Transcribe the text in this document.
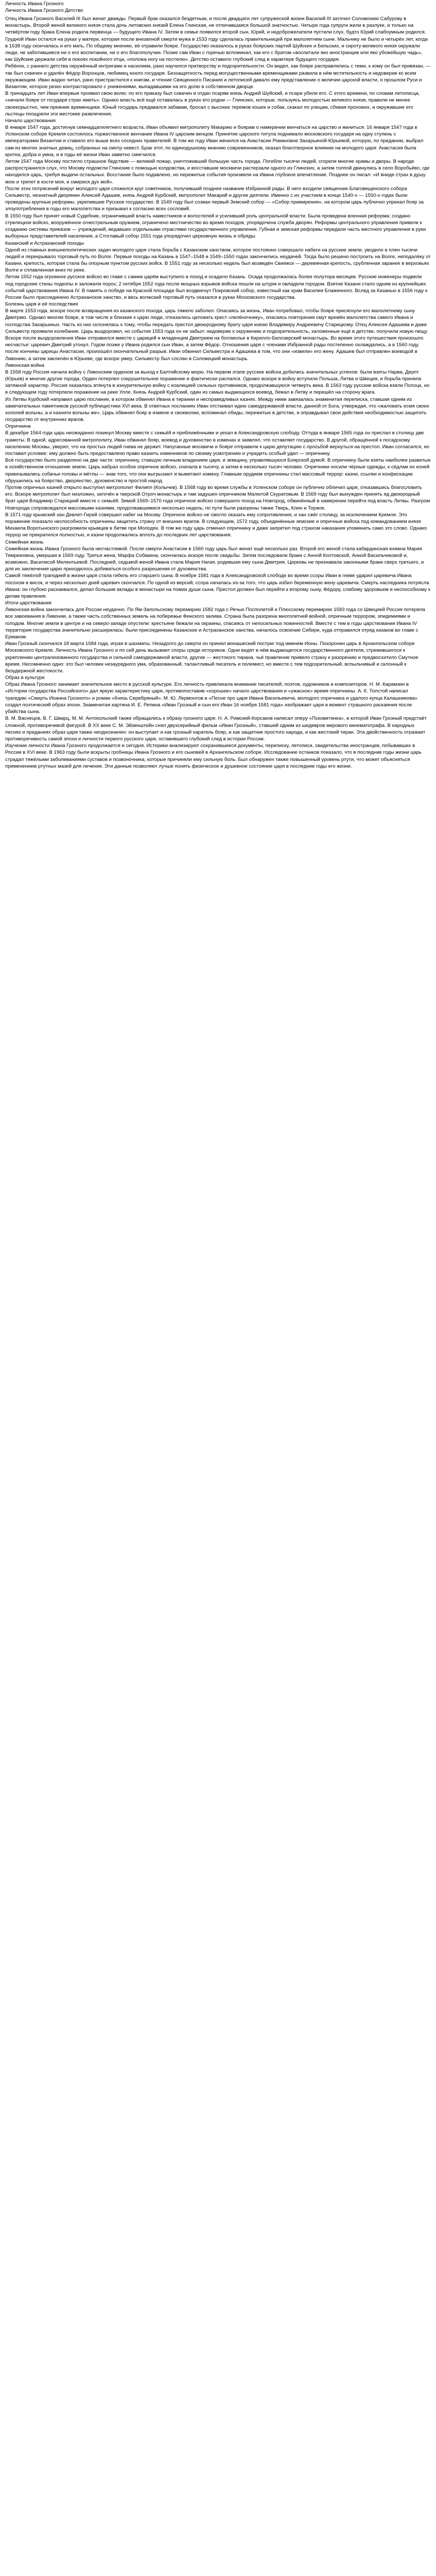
Личность Ивана Грозного
Личность Ивана Грозного Детство

Отец Ивана Грозного Василий III был женат дважды. Первый брак оказался бездетным, и после двадцати лет супружеской жизни Василий III заточил Соломонию Сабурову в монастырь. Второй женой великого князя стала дочь литовских князей Елена Глинская, не отличавшаяся большой знатностью. Четыре года супруги жили в разлуке, и только на четвёртом году брака Елена родила первенца — будущего Ивана IV. Затем в семье появился второй сын, Юрий, и недоброжелатели пустили слух, будто Юрий слабоумным родился. Грудной Иван остался на руках у матери, которая после внезапной смерти мужа в 1533 году сделалась правительницей при малолетнем сыне. Мальчику не было и четырёх лет, когда в 1538 году скончалась и его мать. По общему мнению, её отравили бояре. Государство оказалось в руках боярских партий Шуйских и Бельских, и сироту-великого князя окружали люди, не заботившиеся ни о его воспитании, ни о его благополучии. Позже сам Иван с горечью вспоминал, как его с братом «воспитали яко иностранцев или яко убожейшую чадь», как Шуйские держали себя в покоях покойного отца, «положа ногу на постелю». Детство оставило глубокий след в характере будущего государя.

Ребёнок, с раннего детства окружённый интригами и насилием, рано научился притворству и подозрительности. Он видел, как бояре расправлялись с теми, к кому он был привязан, — так был схвачен и удалён Фёдор Воронцов, любимец юного государя. Беззащитность перед могущественными временщиками развила в нём мстительность и недоверие ко всем окружающим. Иван жадно читал, рано пристрастился к книгам, и чтение Священного Писания и летописей давало ему представление о величии царской власти, о прошлом Руси и Византии, которое резко контрастировало с унижениями, выпадавшими на его долю в собственном дворце.

В тринадцать лет Иван впервые проявил свою волю: по его приказу был схвачен и отдан псарям князь Андрей Шуйский, и псари убили его. С этого времени, по словам летописца, «начали бояре от государя страх иметь». Однако власть всё ещё оставалась в руках его родни — Глинских, которые, пользуясь молодостью великого князя, правили не менее своекорыстно, чем прежние временщики. Юный государь предавался забавам, бросал с высоких теремов кошек и собак, скакал по улицам, сбивая прохожих, и окружавшие его льстецы поощряли эти жестокие развлечения.

Начало царствования

В январе 1547 года, достигнув семнадцатилетнего возраста, Иван объявил митрополиту Макарию и боярам о намерении венчаться на царство и жениться. 16 января 1547 года в Успенском соборе Кремля состоялось торжественное венчание Ивана IV царским венцом. Принятие царского титула поднимало московского государя на одну ступень с императорами Византии и ставило его выше всех соседних правителей. В том же году Иван женился на Анастасии Романовне Захарьиной-Юрьевой, которую, по преданию, выбрал сам из многих знатных девиц, собранных на смотр невест. Брак этот, по единодушному мнению современников, оказал благотворное влияние на молодого царя: Анастасия была кротка, добра и умна, и в годы её жизни Иван заметно смягчился.

Летом 1547 года Москву постигло страшное бедствие — великий пожар, уничтоживший большую часть города. Погибли тысячи людей, сгорели многие храмы и дворы. В народе распространился слух, что Москву подожгли Глинские с помощью колдовства, и восставшие москвичи растерзали одного из Глинских, а затем толпой двинулись в село Воробьёво, где находился царь, требуя выдачи остальных. Восстание было подавлено, но пережитые события произвели на Ивана глубокое впечатление. Позднее он писал: «И вниде страх в душу мою и трепет в кости моя, и смирися дух мой».

После этих потрясений вокруг молодого царя сложился круг советников, получивший позднее название Избранной рады. В него входили священник Благовещенского собора Сильвестр, незнатный дворянин Алексей Адашев, князь Андрей Курбский, митрополит Макарий и другие деятели. Именно с их участием в конце 1540-х — 1550-х годах были проведены крупные реформы, укрепившие Русское государство. В 1549 году был созван первый Земский собор — «Собор примирения», на котором царь публично упрекал бояр за злоупотребления в годы его малолетства и призывал к согласию всех сословий.

В 1550 году был принят новый Судебник, ограничивший власть наместников и волостелей и усиливший роль центральной власти. Была проведена военная реформа: создано стрелецкое войско, вооружённое огнестрельным оружием, ограничено местничество во время походов, упорядочена служба дворян. Реформы центрального управления привели к созданию системы приказов — учреждений, ведавших отдельными отраслями государственного управления. Губная и земская реформы передали часть местного управления в руки выборных представителей населения, а Стоглавый собор 1551 года упорядочил церковную жизнь и обряды.

Казанский и Астраханский походы

Одной из главных внешнеполитических задач молодого царя стала борьба с Казанским ханством, которое постоянно совершало набеги на русские земли, уводило в плен тысячи людей и перекрывало торговый путь по Волге. Первые походы на Казань в 1547–1548 и 1549–1550 годах закончились неудачей. Тогда было решено построить на Волге, неподалёку от Казани, крепость, которая стала бы опорным пунктом русских войск. В 1551 году за несколько недель был возведён Свияжск — деревянная крепость, срубленная заранее в верховьях Волги и сплавленная вниз по реке.

Летом 1552 года огромное русское войско во главе с самим царём выступило в поход и осадило Казань. Осада продолжалась более полутора месяцев. Русские инженеры подвели под городские стены подкопы и заложили порох; 2 октября 1552 года после мощных взрывов войска пошли на штурм и овладели городом. Взятие Казани стало одним из крупнейших событий царствования Ивана IV. В память о победе на Красной площади был воздвигнут Покровский собор, известный как храм Василия Блаженного. Вслед за Казанью в 1556 году к России было присоединено Астраханское ханство, и весь волжский торговый путь оказался в руках Московского государства.

Болезнь царя и её последствия

В марте 1553 года, вскоре после возвращения из казанского похода, царь тяжело заболел. Опасаясь за жизнь, Иван потребовал, чтобы бояре присягнули его малолетнему сыну Дмитрию. Однако многие бояре, в том числе и близкие к царю люди, отказались целовать крест «пелёночнику», опасаясь повторения смут времён малолетства самого Ивана и господства Захарьиных. Часть из них склонялась к тому, чтобы передать престол двоюродному брату царя князю Владимиру Андреевичу Старицкому. Отец Алексея Адашева и даже Сильвестр проявили колебание. Царь выздоровел, но события 1553 года он не забыл: недоверие к окружению и подозрительность, заложенные ещё в детстве, получили новую пищу.

Вскоре после выздоровления Иван отправился вместе с царицей и младенцем Дмитрием на богомолье в Кирилло-Белозерский монастырь. Во время этого путешествия произошло несчастье: царевич Дмитрий утонул. Годом позже у Ивана родился сын Иван, а затем Фёдор. Отношения царя с членами Избранной рады постепенно охлаждались, а в 1560 году, после кончины царицы Анастасии, произошёл окончательный разрыв. Иван обвинил Сильвестра и Адашева в том, что они «извели» его жену. Адашев был отправлен воеводой в Ливонию, а затем заключён в Юрьеве, где вскоре умер; Сильвестр был сослан в Соловецкий монастырь.

Ливонская война

В 1558 году Россия начала войну с Ливонским орденом за выход к Балтийскому морю. На первом этапе русские войска добились значительных успехов: были взяты Нарва, Дерпт (Юрьев) и многие другие города, Орден потерпел сокрушительное поражение и фактически распался. Однако вскоре в войну вступили Польша, Литва и Швеция, и борьба приняла затяжной характер. Россия оказалась втянута в изнурительную войну с коалицией сильных противников, продолжавшуюся четверть века. В 1563 году русские войска взяли Полоцк, но в следующем году потерпели поражение на реке Улле. Князь Андрей Курбский, один из самых выдающихся воевод, бежал в Литву и перешёл на сторону врага.

Из Литвы Курбский направил царю послание, в котором обвинял Ивана в тирании и несправедливых казнях. Между ними завязалась знаменитая переписка, ставшая одним из замечательных памятников русской публицистики XVI века. В ответных посланиях Иван отстаивал идею самодержавной власти, данной от Бога, утверждая, что «жаловать есмя своих холопей вольны, а и казнити вольны же». Царь обвинял бояр в измене и своеволии, вспоминал обиды, пережитые в детстве, и оправдывал свои действия необходимостью защитить государство от внутренних врагов.

Опричнина

В декабре 1564 года царь неожиданно покинул Москву вместе с семьёй и приближёнными и уехал в Александровскую слободу. Оттуда в январе 1565 года он прислал в столицу две грамоты. В одной, адресованной митрополиту, Иван обвинял бояр, воевод и духовенство в изменах и заявлял, что оставляет государство. В другой, обращённой к посадскому населению Москвы, уверял, что на простых людей гнева не держит. Напуганные москвичи и бояре отправили к царю депутацию с просьбой вернуться на престол. Иван согласился, но поставил условие: ему должно быть предоставлено право казнить изменников по своему усмотрению и учредить особый удел — опричнину.

Всё государство было разделено на две части: опричнину, ставшую личным владением царя, и земщину, управлявшуюся Боярской думой. В опричнину были взяты наиболее развитые в хозяйственном отношении земли. Царь набрал особое опричное войско, сначала в тысячу, а затем в несколько тысяч человек. Опричники носили чёрные одежды, к сёдлам их коней привязывались собачьи головы и мётлы — знак того, что они выгрызают и выметают измену. Главным орудием опричнины стал массовый террор: казни, ссылки и конфискации обрушились на боярство, дворянство, духовенство и простой народ.

Против опричных казней открыто выступил митрополит Филипп (Колычев). В 1568 году во время службы в Успенском соборе он публично обличил царя, отказавшись благословить его. Вскоре митрополит был низложен, заточён в тверской Отроч монастырь и там задушен опричником Малютой Скуратовым. В 1569 году был вынужден принять яд двоюродный брат царя Владимир Старицкий вместе с семьёй. Зимой 1569–1570 года опричное войско совершило поход на Новгород, обвинённый в намерении перейти под власть Литвы. Разгром Новгорода сопровождался массовыми казнями, продолжавшимися несколько недель; по пути были разорены также Тверь, Клин и Торжок.

В 1571 году крымский хан Девлет-Гирей совершил набег на Москву. Опричное войско не смогло оказать ему сопротивления, и хан сжёг столицу, за исключением Кремля. Это поражение показало неспособность опричнины защитить страну от внешних врагов. В следующем, 1572 году, объединённые земские и опричные войска под командованием князя Михаила Воротынского разгромили крымцев в битве при Молодях. В том же году царь отменил опричнину и даже запретил под страхом наказания упоминать само это слово. Однако террор не прекратился полностью, и казни продолжались вплоть до последних лет царствования.

Семейная жизнь

Семейная жизнь Ивана Грозного была несчастливой. После смерти Анастасии в 1560 году царь был женат ещё несколько раз. Второй его женой стала кабардинская княжна Мария Темрюковна, умершая в 1569 году. Третья жена, Марфа Собакина, скончалась вскоре после свадьбы. Затем последовали браки с Анной Колтовской, Анной Васильчиковой и, возможно, Василисой Мелентьевой. Последней, седьмой женой Ивана стала Мария Нагая, родившая ему сына Дмитрия. Церковь не признавала законными браки сверх третьего, и для их заключения царю приходилось добиваться особого разрешения от духовенства.

Самой тяжёлой трагедией в жизни царя стала гибель его старшего сына. В ноябре 1581 года в Александровской слободе во время ссоры Иван в гневе ударил царевича Ивана посохом в висок, и через несколько дней царевич скончался. По одной из версий, ссора началась из-за того, что царь избил беременную жену царевича. Смерть наследника потрясла Ивана: он глубоко раскаивался, делал большие вклады в монастыри на помин души сына. Престол должен был перейти к второму сыну, Фёдору, слабому здоровьем и неспособному к делам правления.

Итоги царствования

Ливонская война закончилась для России неудачно. По Ям-Запольскому перемирию 1582 года с Речью Посполитой и Плюсскому перемирию 1583 года со Швецией Россия потеряла все завоевания в Ливонии, а также часть собственных земель на побережье Финского залива. Страна была разорена многолетней войной, опричным террором, эпидемиями и голодом. Многие земли в центре и на северо-западе опустели: крестьяне бежали на окраины, спасаясь от непосильных повинностей. Вместе с тем в годы царствования Ивана IV территория государства значительно расширилась: были присоединены Казанское и Астраханское ханства, началось освоение Сибири, куда отправился отряд казаков во главе с Ермаком.

Иван Грозный скончался 18 марта 1584 года, играя в шахматы. Незадолго до смерти он принял монашеский постриг под именем Ионы. Похоронен царь в Архангельском соборе Московского Кремля. Личность Ивана Грозного и по сей день вызывает споры среди историков. Одни видят в нём выдающегося государственного деятеля, стремившегося к укреплению централизованного государства и сильной самодержавной власти, другие — жестокого тирана, чьё правление привело страну к разорению и предвосхитило Смутное время. Несомненно одно: это был человек незаурядного ума, образованный, талантливый писатель и полемист, но вместе с тем подозрительный, вспыльчивый и склонный к безудержной жестокости.

Образ в культуре

Образ Ивана Грозного занимает значительное место в русской культуре. Его личность привлекала внимание писателей, поэтов, художников и композиторов. Н. М. Карамзин в «Истории государства Российского» дал яркую характеристику царя, противопоставив «хорошее» начало царствования и «ужасное» время опричнины. А. К. Толстой написал трагедию «Смерть Иоанна Грозного» и роман «Князь Серебряный». М. Ю. Лермонтов в «Песне про царя Ивана Васильевича, молодого опричника и удалого купца Калашникова» создал поэтический образ эпохи. Знаменитая картина И. Е. Репина «Иван Грозный и сын его Иван 16 ноября 1581 года» изображает царя в момент страшного раскаяния после убийства сына.

В. М. Васнецов, В. Г. Шварц, М. М. Антокольский также обращались к образу грозного царя. Н. А. Римский-Корсаков написал оперу «Псковитянка», в которой Иван Грозный предстаёт сложной, противоречивой фигурой. В XX веке С. М. Эйзенштейн снял двухсерийный фильм «Иван Грозный», ставший одним из шедевров мирового кинематографа. В народных песнях и преданиях образ царя также неоднозначен: он выступает и как грозный каратель бояр, и как защитник простого народа, и как жестокий тиран. Эта двойственность отражает противоречивость самой эпохи и личности первого русского царя, оставившего глубокий след в истории России.

Изучение личности Ивана Грозного продолжается и сегодня. Историки анализируют сохранившиеся документы, переписку, летописи, свидетельства иностранцев, побывавших в России в XVI веке. В 1963 году были вскрыты гробницы Ивана Грозного и его сыновей в Архангельском соборе. Исследование останков показало, что в последние годы жизни царь страдал тяжёлыми заболеваниями суставов и позвоночника, которые причиняли ему сильную боль. Был обнаружен также повышенный уровень ртути, что может объясняться применением ртутных мазей для лечения. Эти данные позволяют лучше понять физическое и душевное состояние царя в последние годы его жизни.
